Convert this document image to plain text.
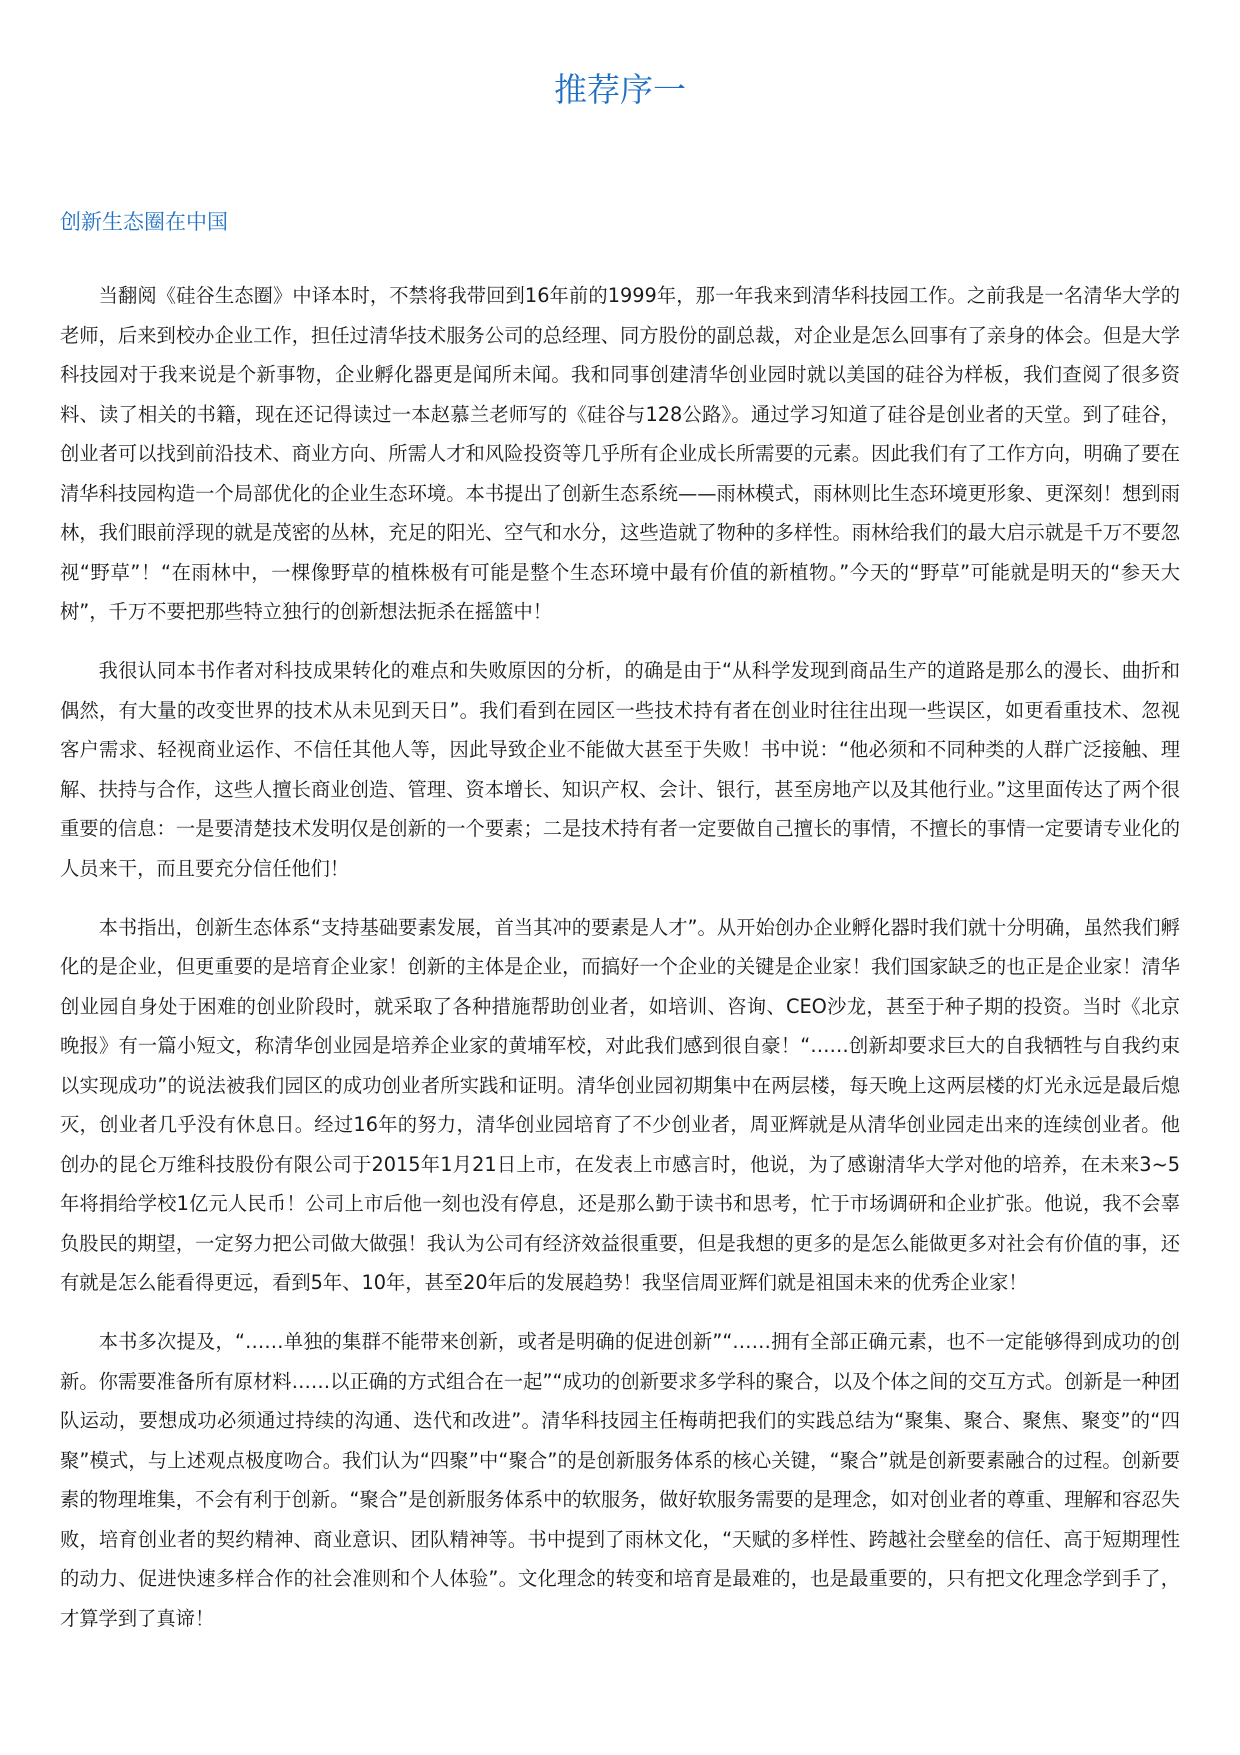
推荐序一
创新生态圈在中国

当翻阅《硅谷生态圈》中译本时，不禁将我带回到16年前的1999年，那一年我来到清华科技园工作。之前我是一名清华大学的老师，后来到校办企业工作，担任过清华技术服务公司的总经理、同方股份的副总裁，对企业是怎么回事有了亲身的体会。但是大学科技园对于我来说是个新事物，企业孵化器更是闻所未闻。我和同事创建清华创业园时就以美国的硅谷为样板，我们查阅了很多资料、读了相关的书籍，现在还记得读过一本赵慕兰老师写的《硅谷与128公路》。通过学习知道了硅谷是创业者的天堂。到了硅谷，创业者可以找到前沿技术、商业方向、所需人才和风险投资等几乎所有企业成长所需要的元素。因此我们有了工作方向，明确了要在清华科技园构造一个局部优化的企业生态环境。本书提出了创新生态系统——雨林模式，雨林则比生态环境更形象、更深刻！想到雨林，我们眼前浮现的就是茂密的丛林，充足的阳光、空气和水分，这些造就了物种的多样性。雨林给我们的最大启示就是千万不要忽视“野草”！“在雨林中，一棵像野草的植株极有可能是整个生态环境中最有价值的新植物。”今天的“野草”可能就是明天的“参天大树”，千万不要把那些特立独行的创新想法扼杀在摇篮中！

我很认同本书作者对科技成果转化的难点和失败原因的分析，的确是由于“从科学发现到商品生产的道路是那么的漫长、曲折和偶然，有大量的改变世界的技术从未见到天日”。我们看到在园区一些技术持有者在创业时往往出现一些误区，如更看重技术、忽视客户需求、轻视商业运作、不信任其他人等，因此导致企业不能做大甚至于失败！书中说：“他必须和不同种类的人群广泛接触、理解、扶持与合作，这些人擅长商业创造、管理、资本增长、知识产权、会计、银行，甚至房地产以及其他行业。”这里面传达了两个很重要的信息：一是要清楚技术发明仅是创新的一个要素；二是技术持有者一定要做自己擅长的事情，不擅长的事情一定要请专业化的人员来干，而且要充分信任他们！

本书指出，创新生态体系“支持基础要素发展，首当其冲的要素是人才”。从开始创办企业孵化器时我们就十分明确，虽然我们孵化的是企业，但更重要的是培育企业家！创新的主体是企业，而搞好一个企业的关键是企业家！我们国家缺乏的也正是企业家！清华创业园自身处于困难的创业阶段时，就采取了各种措施帮助创业者，如培训、咨询、CEO沙龙，甚至于种子期的投资。当时《北京晚报》有一篇小短文，称清华创业园是培养企业家的黄埔军校，对此我们感到很自豪！“……创新却要求巨大的自我牺牲与自我约束以实现成功”的说法被我们园区的成功创业者所实践和证明。清华创业园初期集中在两层楼，每天晚上这两层楼的灯光永远是最后熄灭，创业者几乎没有休息日。经过16年的努力，清华创业园培育了不少创业者，周亚辉就是从清华创业园走出来的连续创业者。他创办的昆仑万维科技股份有限公司于2015年1月21日上市，在发表上市感言时，他说，为了感谢清华大学对他的培养，在未来3~5年将捐给学校1亿元人民币！公司上市后他一刻也没有停息，还是那么勤于读书和思考，忙于市场调研和企业扩张。他说，我不会辜负股民的期望，一定努力把公司做大做强！我认为公司有经济效益很重要，但是我想的更多的是怎么能做更多对社会有价值的事，还有就是怎么能看得更远，看到5年、10年，甚至20年后的发展趋势！我坚信周亚辉们就是祖国未来的优秀企业家！

本书多次提及，“……单独的集群不能带来创新，或者是明确的促进创新”“……拥有全部正确元素，也不一定能够得到成功的创新。你需要准备所有原材料……以正确的方式组合在一起”“成功的创新要求多学科的聚合，以及个体之间的交互方式。创新是一种团队运动，要想成功必须通过持续的沟通、迭代和改进”。清华科技园主任梅萌把我们的实践总结为“聚集、聚合、聚焦、聚变”的“四聚”模式，与上述观点极度吻合。我们认为“四聚”中“聚合”的是创新服务体系的核心关键，“聚合”就是创新要素融合的过程。创新要素的物理堆集，不会有利于创新。“聚合”是创新服务体系中的软服务，做好软服务需要的是理念，如对创业者的尊重、理解和容忍失败，培育创业者的契约精神、商业意识、团队精神等。书中提到了雨林文化，“天赋的多样性、跨越社会壁垒的信任、高于短期理性的动力、促进快速多样合作的社会准则和个人体验”。文化理念的转变和培育是最难的，也是最重要的，只有把文化理念学到手了，才算学到了真谛！
